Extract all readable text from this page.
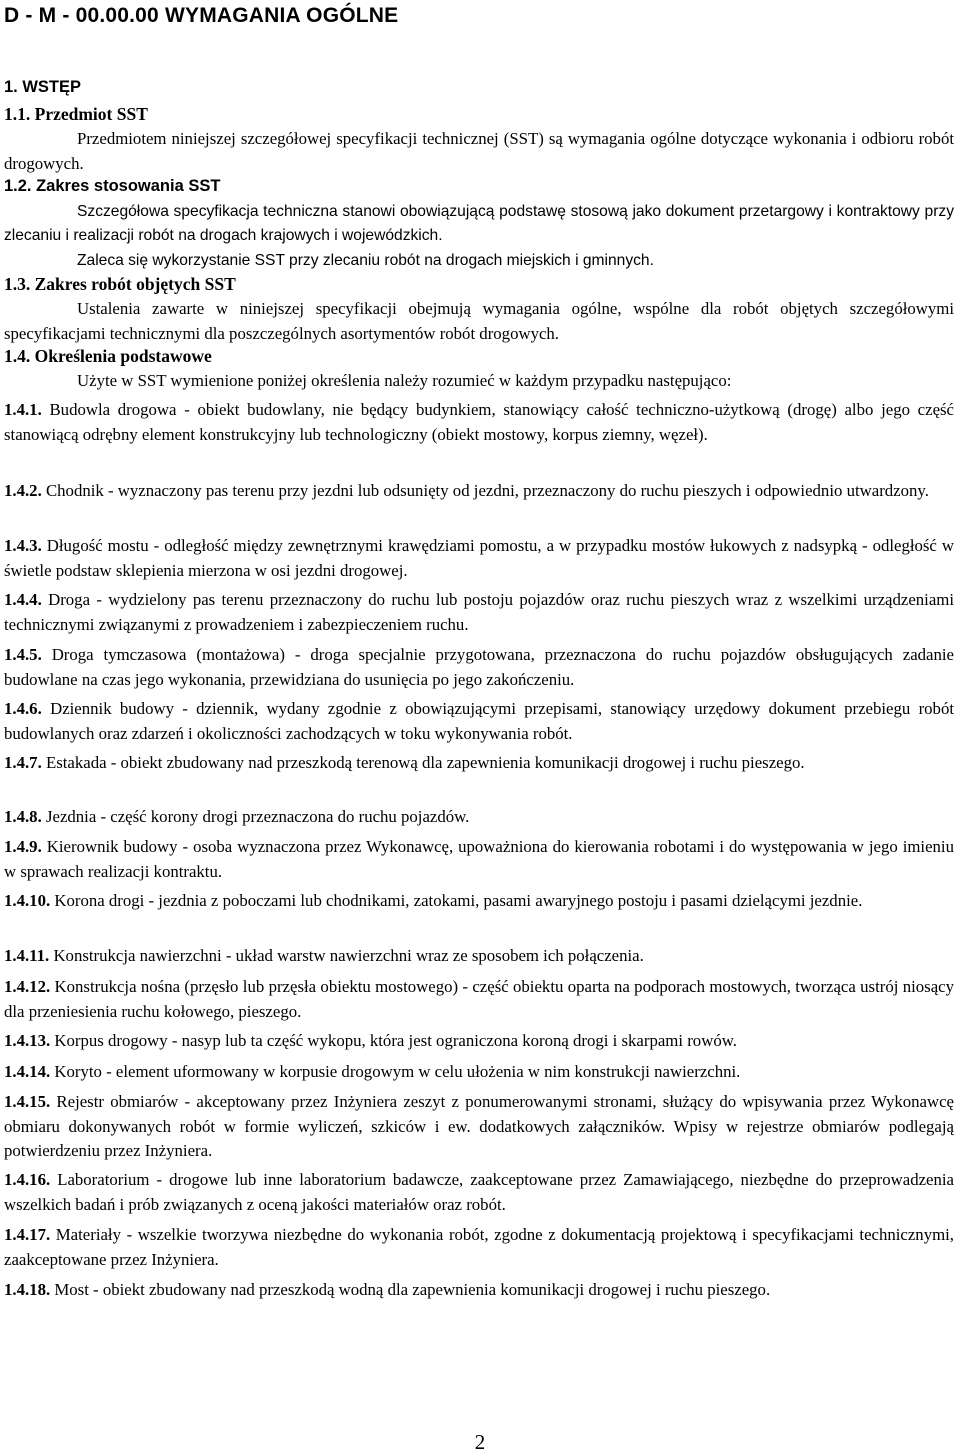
D - M - 00.00.00 WYMAGANIA OGÓLNE
1. WSTĘP
1.1. Przedmiot SST
Przedmiotem niniejszej szczegółowej specyfikacji technicznej (SST) są wymagania ogólne dotyczące wykonania i odbioru robót drogowych.
1.2. Zakres stosowania SST
Szczegółowa specyfikacja techniczna stanowi obowiązującą podstawę stosową jako dokument przetargowy i kontraktowy przy zlecaniu i realizacji robót na drogach krajowych i wojewódzkich.
Zaleca się wykorzystanie SST przy zlecaniu robót na drogach miejskich i gminnych.
1.3. Zakres robót objętych SST
Ustalenia zawarte w niniejszej specyfikacji obejmują wymagania ogólne, wspólne dla robót objętych szczegółowymi specyfikacjami technicznymi dla poszczególnych asortymentów robót drogowych.
1.4. Określenia podstawowe
Użyte w SST wymienione poniżej określenia należy rozumieć w każdym przypadku następująco:
1.4.1. Budowla drogowa - obiekt budowlany, nie będący budynkiem, stanowiący całość techniczno-użytkową (drogę) albo jego część stanowiącą odrębny element konstrukcyjny lub technologiczny (obiekt mostowy, korpus ziemny, węzeł).
1.4.2. Chodnik - wyznaczony pas terenu przy jezdni lub odsunięty od jezdni, przeznaczony do ruchu pieszych i odpowiednio utwardzony.
1.4.3. Długość mostu - odległość między zewnętrznymi krawędziami pomostu, a w przypadku mostów łukowych z nadsypką - odległość w świetle podstaw sklepienia mierzona w osi jezdni drogowej.
1.4.4. Droga - wydzielony pas terenu przeznaczony do ruchu lub postoju pojazdów oraz ruchu pieszych wraz z wszelkimi urządzeniami technicznymi związanymi z prowadzeniem i zabezpieczeniem ruchu.
1.4.5. Droga tymczasowa (montażowa) - droga specjalnie przygotowana, przeznaczona do ruchu pojazdów obsługujących zadanie budowlane na czas jego wykonania, przewidziana do usunięcia po jego zakończeniu.
1.4.6. Dziennik budowy - dziennik, wydany zgodnie z obowiązującymi przepisami, stanowiący urzędowy dokument przebiegu robót budowlanych oraz zdarzeń i okoliczności zachodzących w toku wykonywania robót.
1.4.7. Estakada - obiekt zbudowany nad przeszkodą terenową dla zapewnienia komunikacji drogowej i ruchu pieszego.
1.4.8. Jezdnia - część korony drogi przeznaczona do ruchu pojazdów.
1.4.9. Kierownik budowy - osoba wyznaczona przez Wykonawcę, upoważniona do kierowania robotami i do występowania w jego imieniu w sprawach realizacji kontraktu.
1.4.10. Korona drogi - jezdnia z poboczami lub chodnikami, zatokami, pasami awaryjnego postoju i pasami dzielącymi jezdnie.
1.4.11. Konstrukcja nawierzchni - układ warstw nawierzchni wraz ze sposobem ich połączenia.
1.4.12. Konstrukcja nośna (przęsło lub przęsła obiektu mostowego) - część obiektu oparta na podporach mostowych, tworząca ustrój niosący dla przeniesienia ruchu kołowego, pieszego.
1.4.13. Korpus drogowy - nasyp lub ta część wykopu, która jest ograniczona koroną drogi i skarpami rowów.
1.4.14. Koryto - element uformowany w korpusie drogowym w celu ułożenia w nim konstrukcji nawierzchni.
1.4.15. Rejestr obmiarów - akceptowany przez Inżyniera zeszyt z ponumerowanymi stronami, służący do wpisywania przez Wykonawcę obmiaru dokonywanych robót w formie wyliczeń, szkiców i ew. dodatkowych załączników. Wpisy w rejestrze obmiarów podlegają potwierdzeniu przez Inżyniera.
1.4.16. Laboratorium - drogowe lub inne laboratorium badawcze, zaakceptowane przez Zamawiającego, niezbędne do przeprowadzenia wszelkich badań i prób związanych z oceną jakości materiałów oraz robót.
1.4.17. Materiały - wszelkie tworzywa niezbędne do wykonania robót, zgodne z dokumentacją projektową i specyfikacjami technicznymi, zaakceptowane przez Inżyniera.
1.4.18. Most - obiekt zbudowany nad przeszkodą wodną dla zapewnienia komunikacji drogowej i ruchu pieszego.
2
